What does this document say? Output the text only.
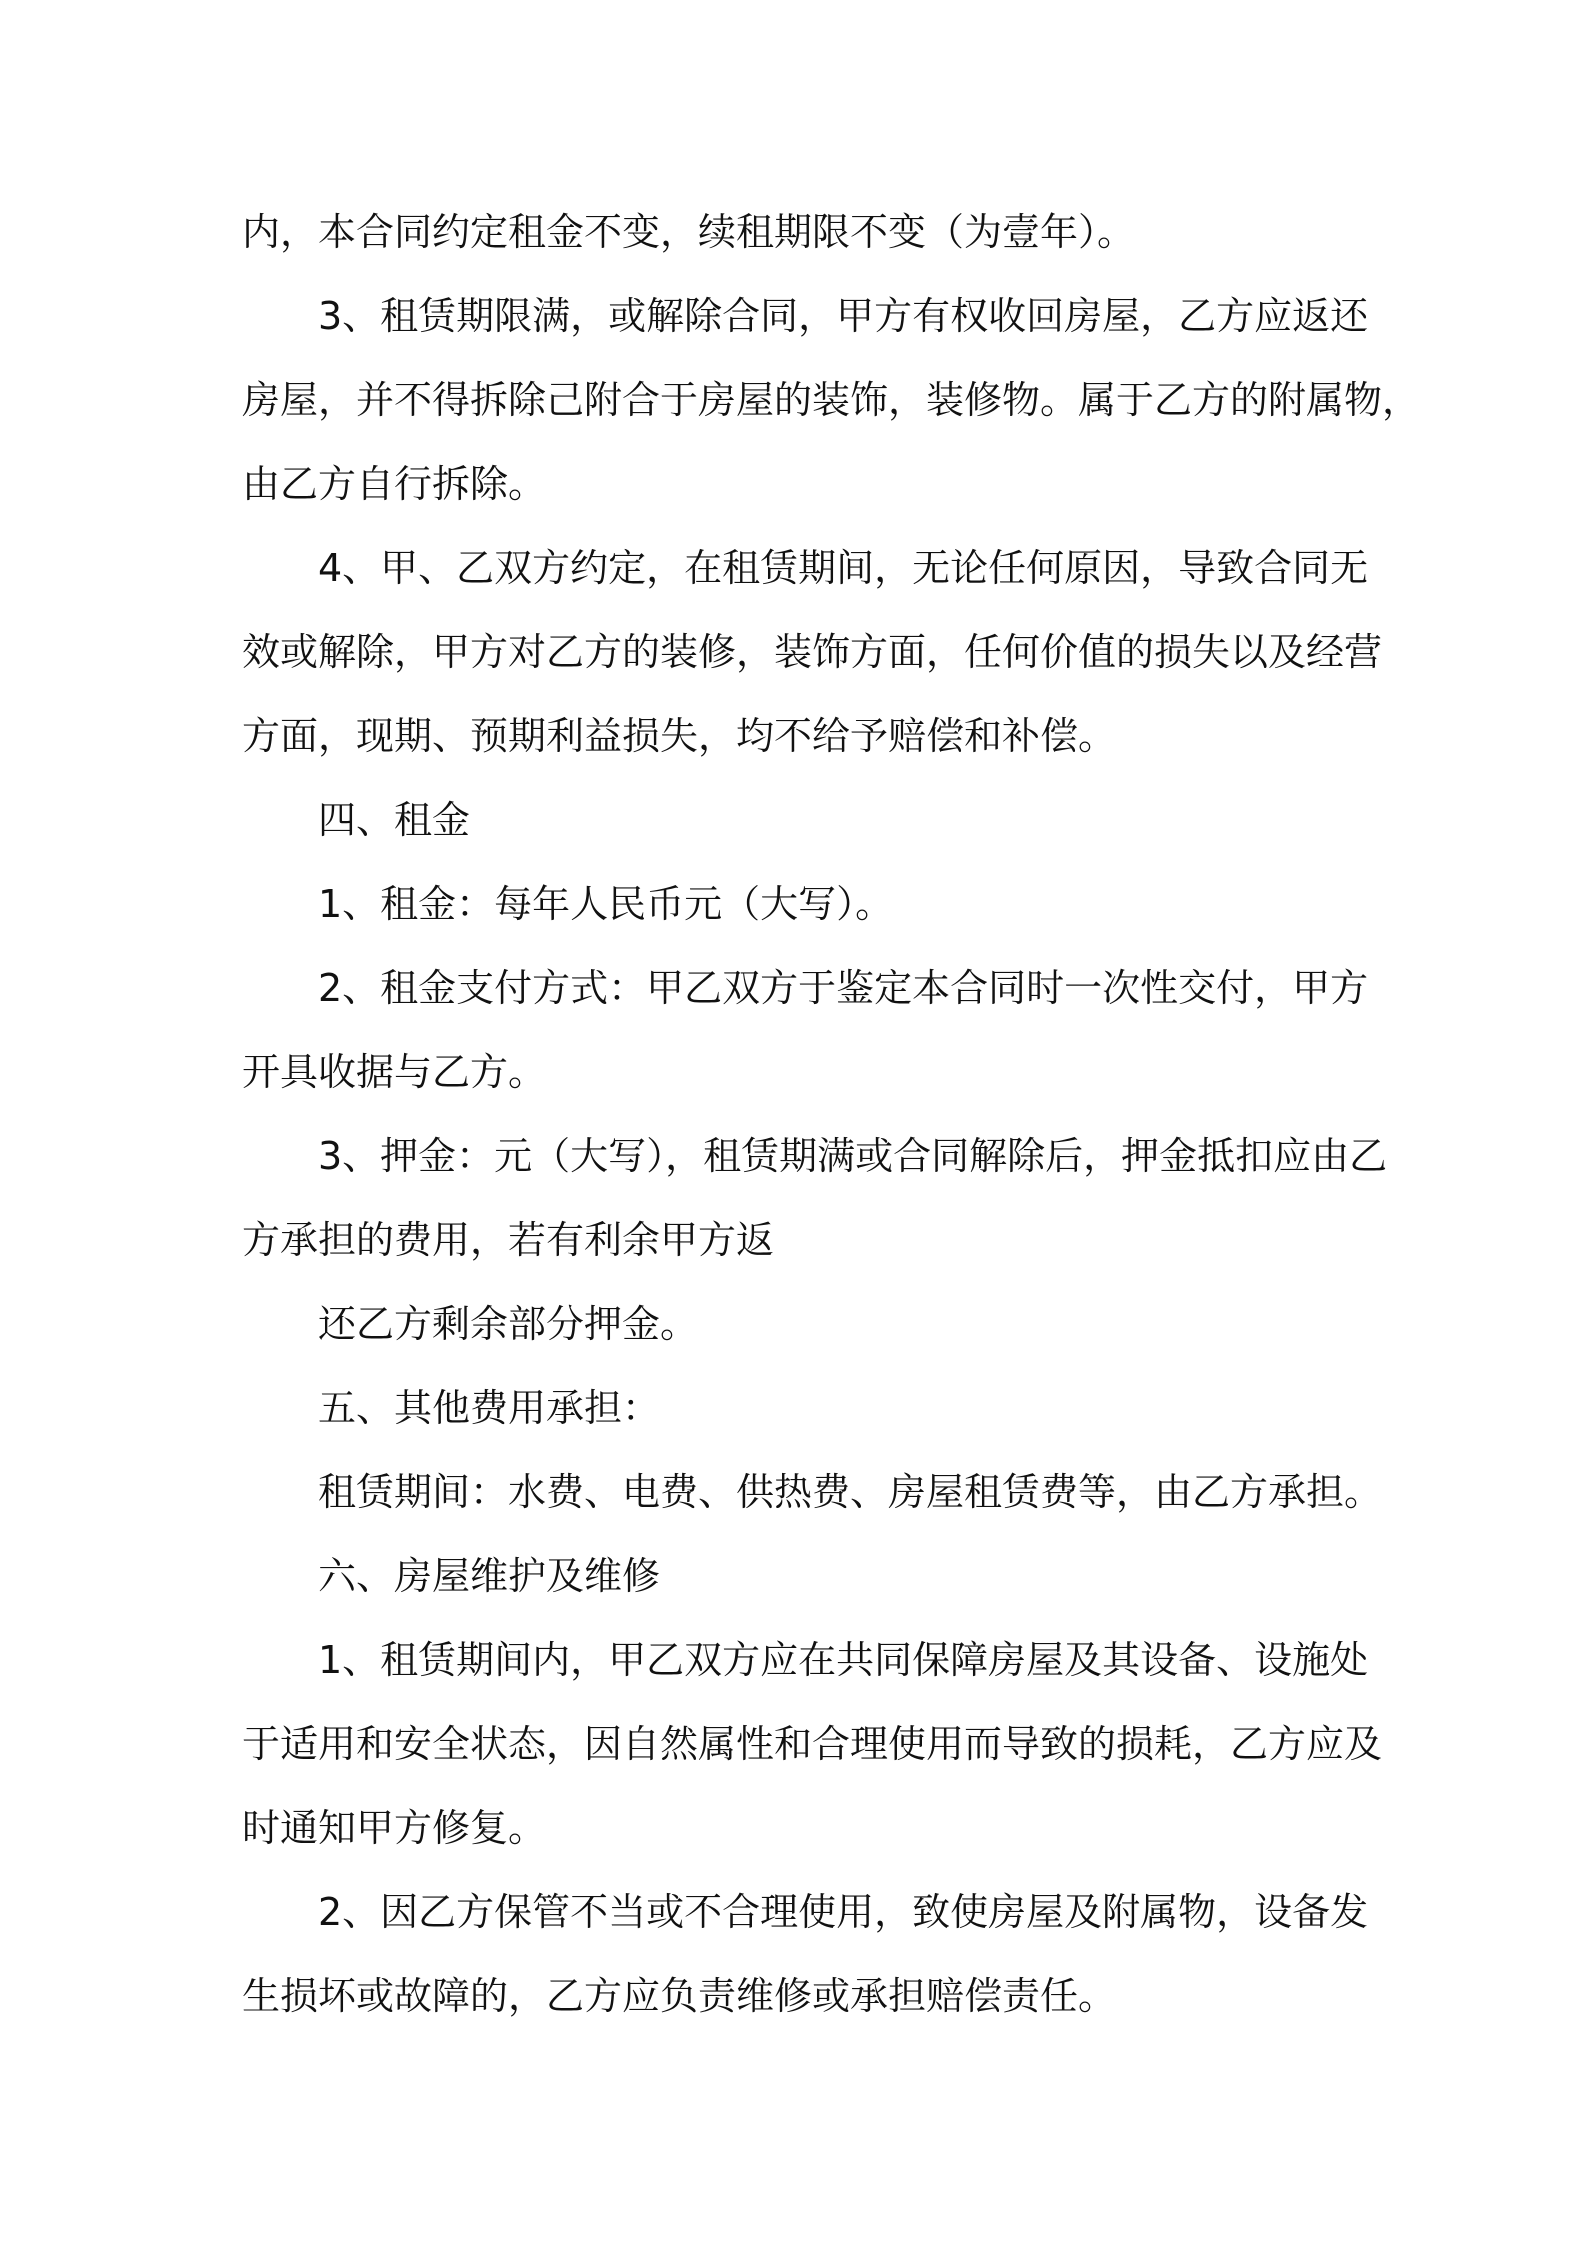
内，本合同约定租金不变，续租期限不变（为壹年）。
3、租赁期限满，或解除合同，甲方有权收回房屋，乙方应返还
房屋，并不得拆除己附合于房屋的装饰，装修物。属于乙方的附属物，
由乙方自行拆除。
4、甲、乙双方约定，在租赁期间，无论任何原因，导致合同无
效或解除，甲方对乙方的装修，装饰方面，任何价值的损失以及经营
方面，现期、预期利益损失，均不给予赔偿和补偿。
四、租金
1、租金：每年人民币元（大写）。
2、租金支付方式：甲乙双方于鉴定本合同时一次性交付，甲方
开具收据与乙方。
3、押金：元（大写），租赁期满或合同解除后，押金抵扣应由乙
方承担的费用，若有利余甲方返
还乙方剩余部分押金。
五、其他费用承担：
租赁期间：水费、电费、供热费、房屋租赁费等，由乙方承担。
六、房屋维护及维修
1、租赁期间内，甲乙双方应在共同保障房屋及其设备、设施处
于适用和安全状态，因自然属性和合理使用而导致的损耗，乙方应及
时通知甲方修复。
2、因乙方保管不当或不合理使用，致使房屋及附属物，设备发
生损坏或故障的，乙方应负责维修或承担赔偿责任。
